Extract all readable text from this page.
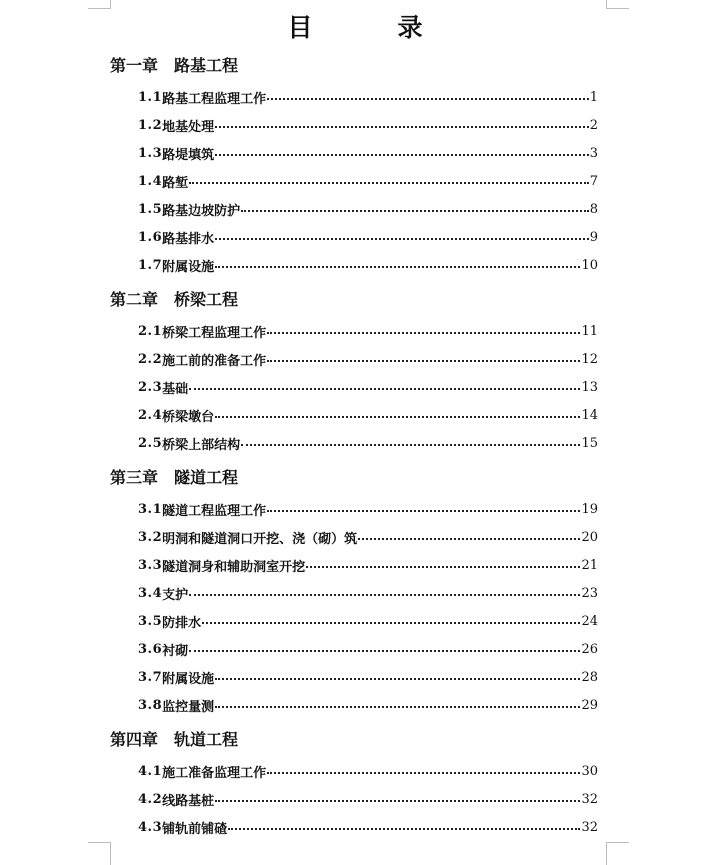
目　录
第一章　路基工程
1.1 路基工程监理工作	1
1.2 地基处理	2
1.3 路堤填筑	3
1.4 路堑	7
1.5 路基边坡防护	8
1.6 路基排水	9
1.7 附属设施	10
第二章　桥梁工程
2.1 桥梁工程监理工作	11
2.2 施工前的准备工作	12
2.3 基础	13
2.4 桥梁墩台	14
2.5 桥梁上部结构	15
第三章　隧道工程
3.1 隧道工程监理工作	19
3.2 明洞和隧道洞口开挖、浇（砌）筑	20
3.3 隧道洞身和辅助洞室开挖	21
3.4 支护	23
3.5 防排水	24
3.6 衬砌	26
3.7 附属设施	28
3.8 监控量测	29
第四章　轨道工程
4.1 施工准备监理工作	30
4.2 线路基桩	32
4.3 铺轨前铺碴	32
